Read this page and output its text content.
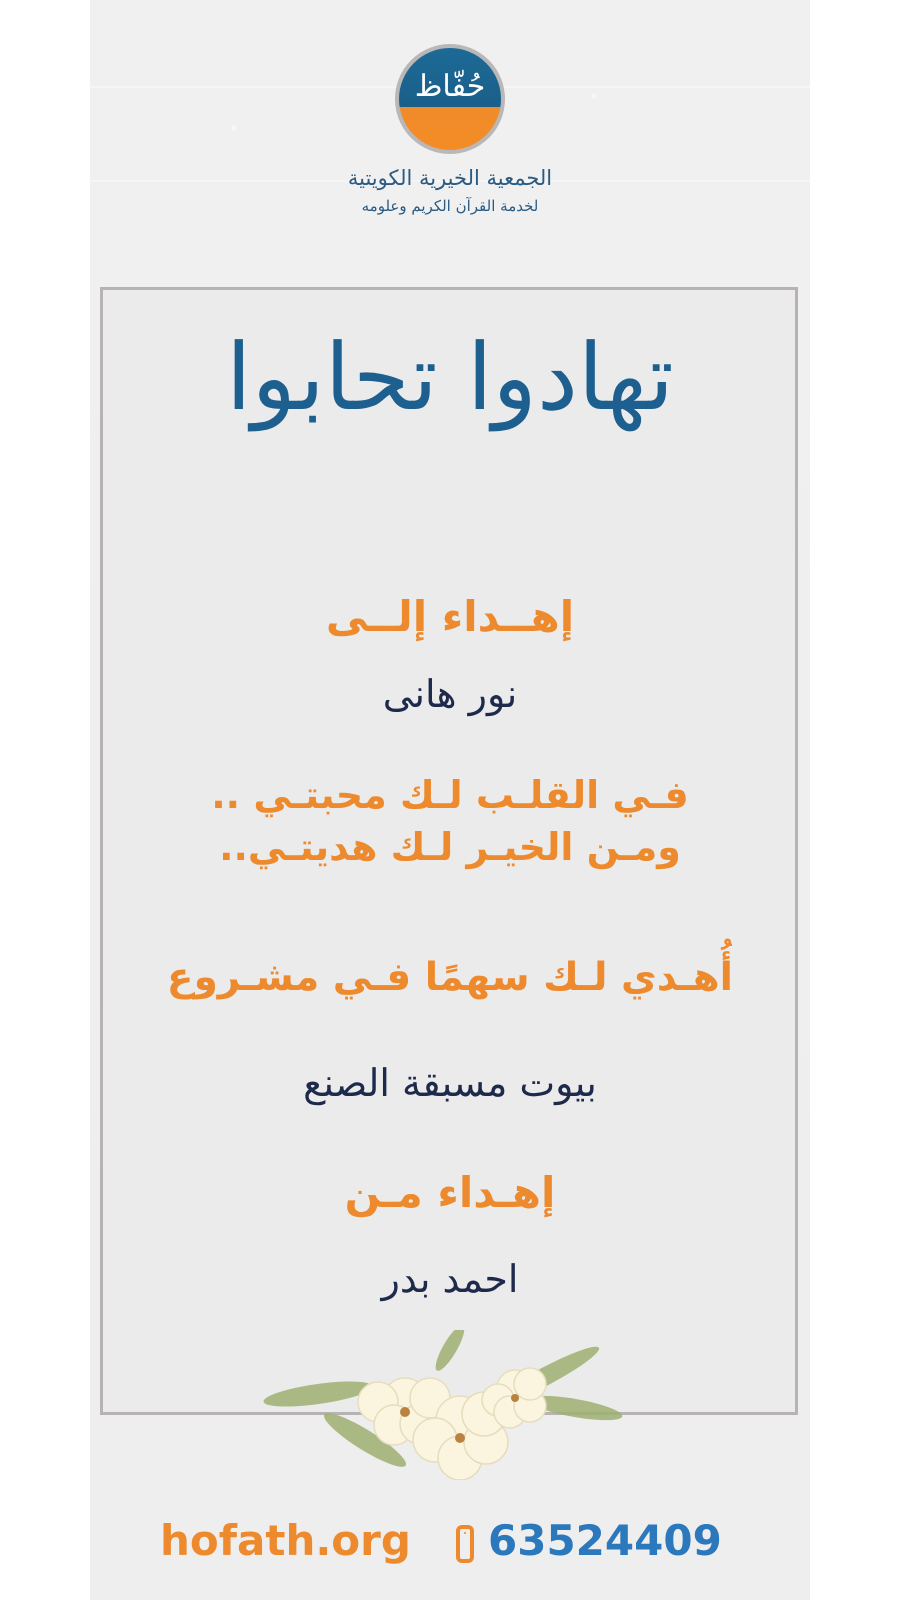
حُفّاظ
الجمعية الخيرية الكويتية
لخدمة القرآن الكريم وعلومه
تهادوا تحابوا
إهــداء إلــى
نور هانى
فـي القلـب لـك محبتـي ..
ومـن الخيـر لـك هديتـي..
أُهـدي لـك سهمًا فـي مشـروع
بيوت مسبقة الصنع
إهـداء مـن
احمد بدر
hofath.org 63524409
